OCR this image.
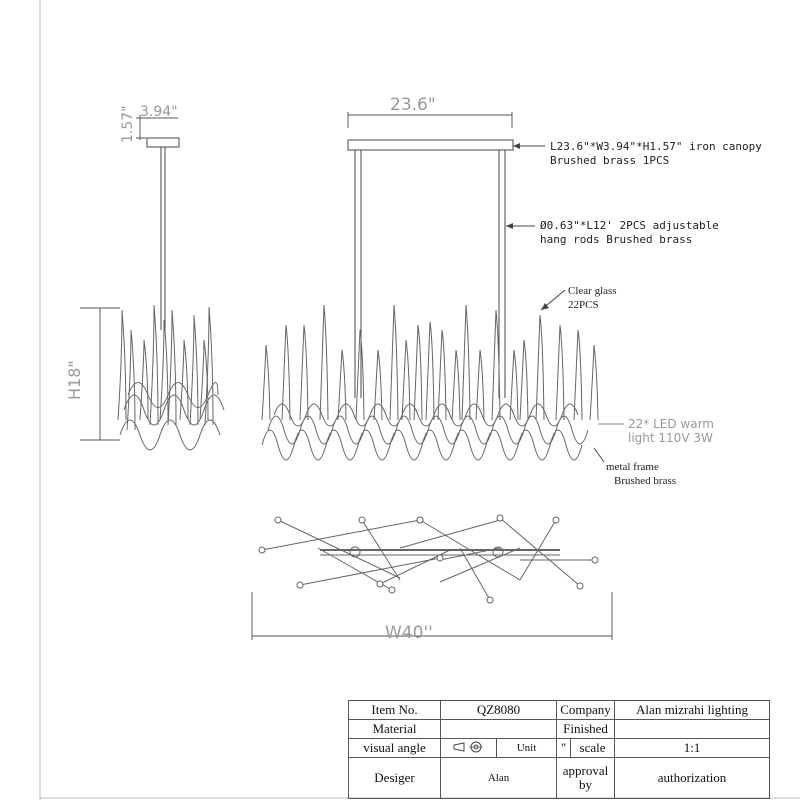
1.57" 3.94"
H18"
23.6"
L23.6"*W3.94"*H1.57" iron canopy
Brushed brass 1PCS
Ø0.63"*L12' 2PCS adjustable
hang rods Brushed brass
Clear glass
22PCS
22* LED warm
light 110V 3W
metal frame
Brushed brass
W40''
Item No.	QZ8080		Company		Alan mizrahi lighting
Material			Finished		
visual angle		Unit	"	scale	1:1
Desiger	Alan		approval by		authorization
